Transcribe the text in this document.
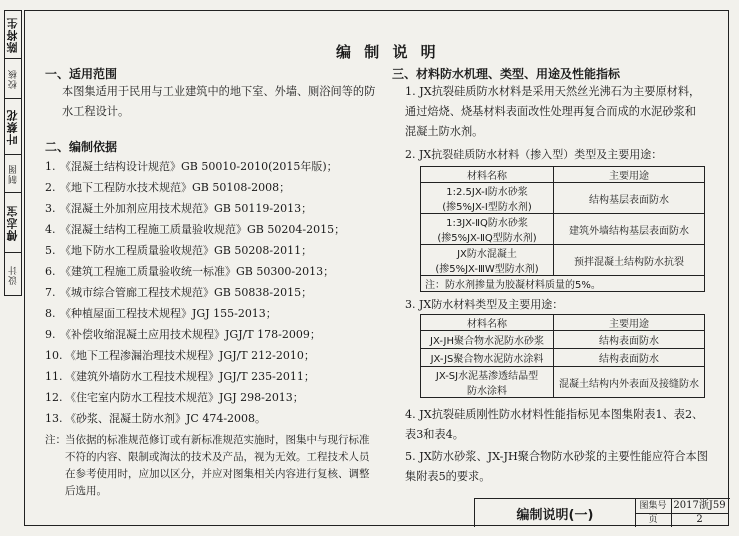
陈将生
校核
叶蔡花
制图
傅志宝
设计
编 制 说 明
一、适用范围
本图集适用于民用与工业建筑中的地下室、外墙、厕浴间等的防水工程设计。
二、编制依据
1. 《混凝土结构设计规范》GB 50010-2010(2015年版)；
2. 《地下工程防水技术规范》GB 50108-2008；
3. 《混凝土外加剂应用技术规范》GB 50119-2013；
4. 《混凝土结构工程施工质量验收规范》GB 50204-2015；
5. 《地下防水工程质量验收规范》GB 50208-2011；
6. 《建筑工程施工质量验收统一标准》GB 50300-2013；
7. 《城市综合管廊工程技术规范》GB 50838-2015；
8. 《种植屋面工程技术规程》JGJ 155-2013；
9. 《补偿收缩混凝土应用技术规程》JGJ/T 178-2009；
10. 《地下工程渗漏治理技术规程》JGJ/T 212-2010；
11. 《建筑外墙防水工程技术规程》JGJ/T 235-2011；
12. 《住宅室内防水工程技术规范》JGJ 298-2013；
13. 《砂浆、混凝土防水剂》JC 474-2008。
注： 当依据的标准规范修订或有新标准规范实施时，图集中与现行标准不符的内容、限制或淘汰的技术及产品，视为无效。工程技术人员在参考使用时，应加以区分，并应对图集相关内容进行复核、调整后选用。
三、材料防水机理、类型、用途及性能指标
1. JX抗裂硅质防水材料是采用天然丝光沸石为主要原材料，通过焙烧、烧基材料表面改性处理再复合而成的水泥砂浆和混凝土防水剂。
2. JX抗裂硅质防水材料（掺入型）类型及主要用途：
材料名称	主要用途

1:2.5JX-Ⅰ防水砂浆
(掺5%JX-Ⅰ型防水剂)	结构基层表面防水

1:3JX-ⅡQ防水砂浆
(掺5%JX-ⅡQ型防水剂)	建筑外墙结构基层表面防水

JX防水混凝土
(掺5%JX-ⅢW型防水剂)	预拌混凝土结构防水抗裂
注：防水剂掺量为胶凝材料质量的5%。	
3. JX防水材料类型及主要用途：
材料名称	主要用途
JX-JH聚合物水泥防水砂浆	结构表面防水
JX-JS聚合物水泥防水涂料	结构表面防水

JX-SJ水泥基渗透结晶型
防水涂料	混凝土结构内外表面及接缝防水
4. JX抗裂硅质刚性防水材料性能指标见本图集附表1、表2、表3和表4。
5. JX防水砂浆、JX-JH聚合物防水砂浆的主要性能应符合本图集附表5的要求。
编制说明(一)
图集号 2017浙J59
页	2
